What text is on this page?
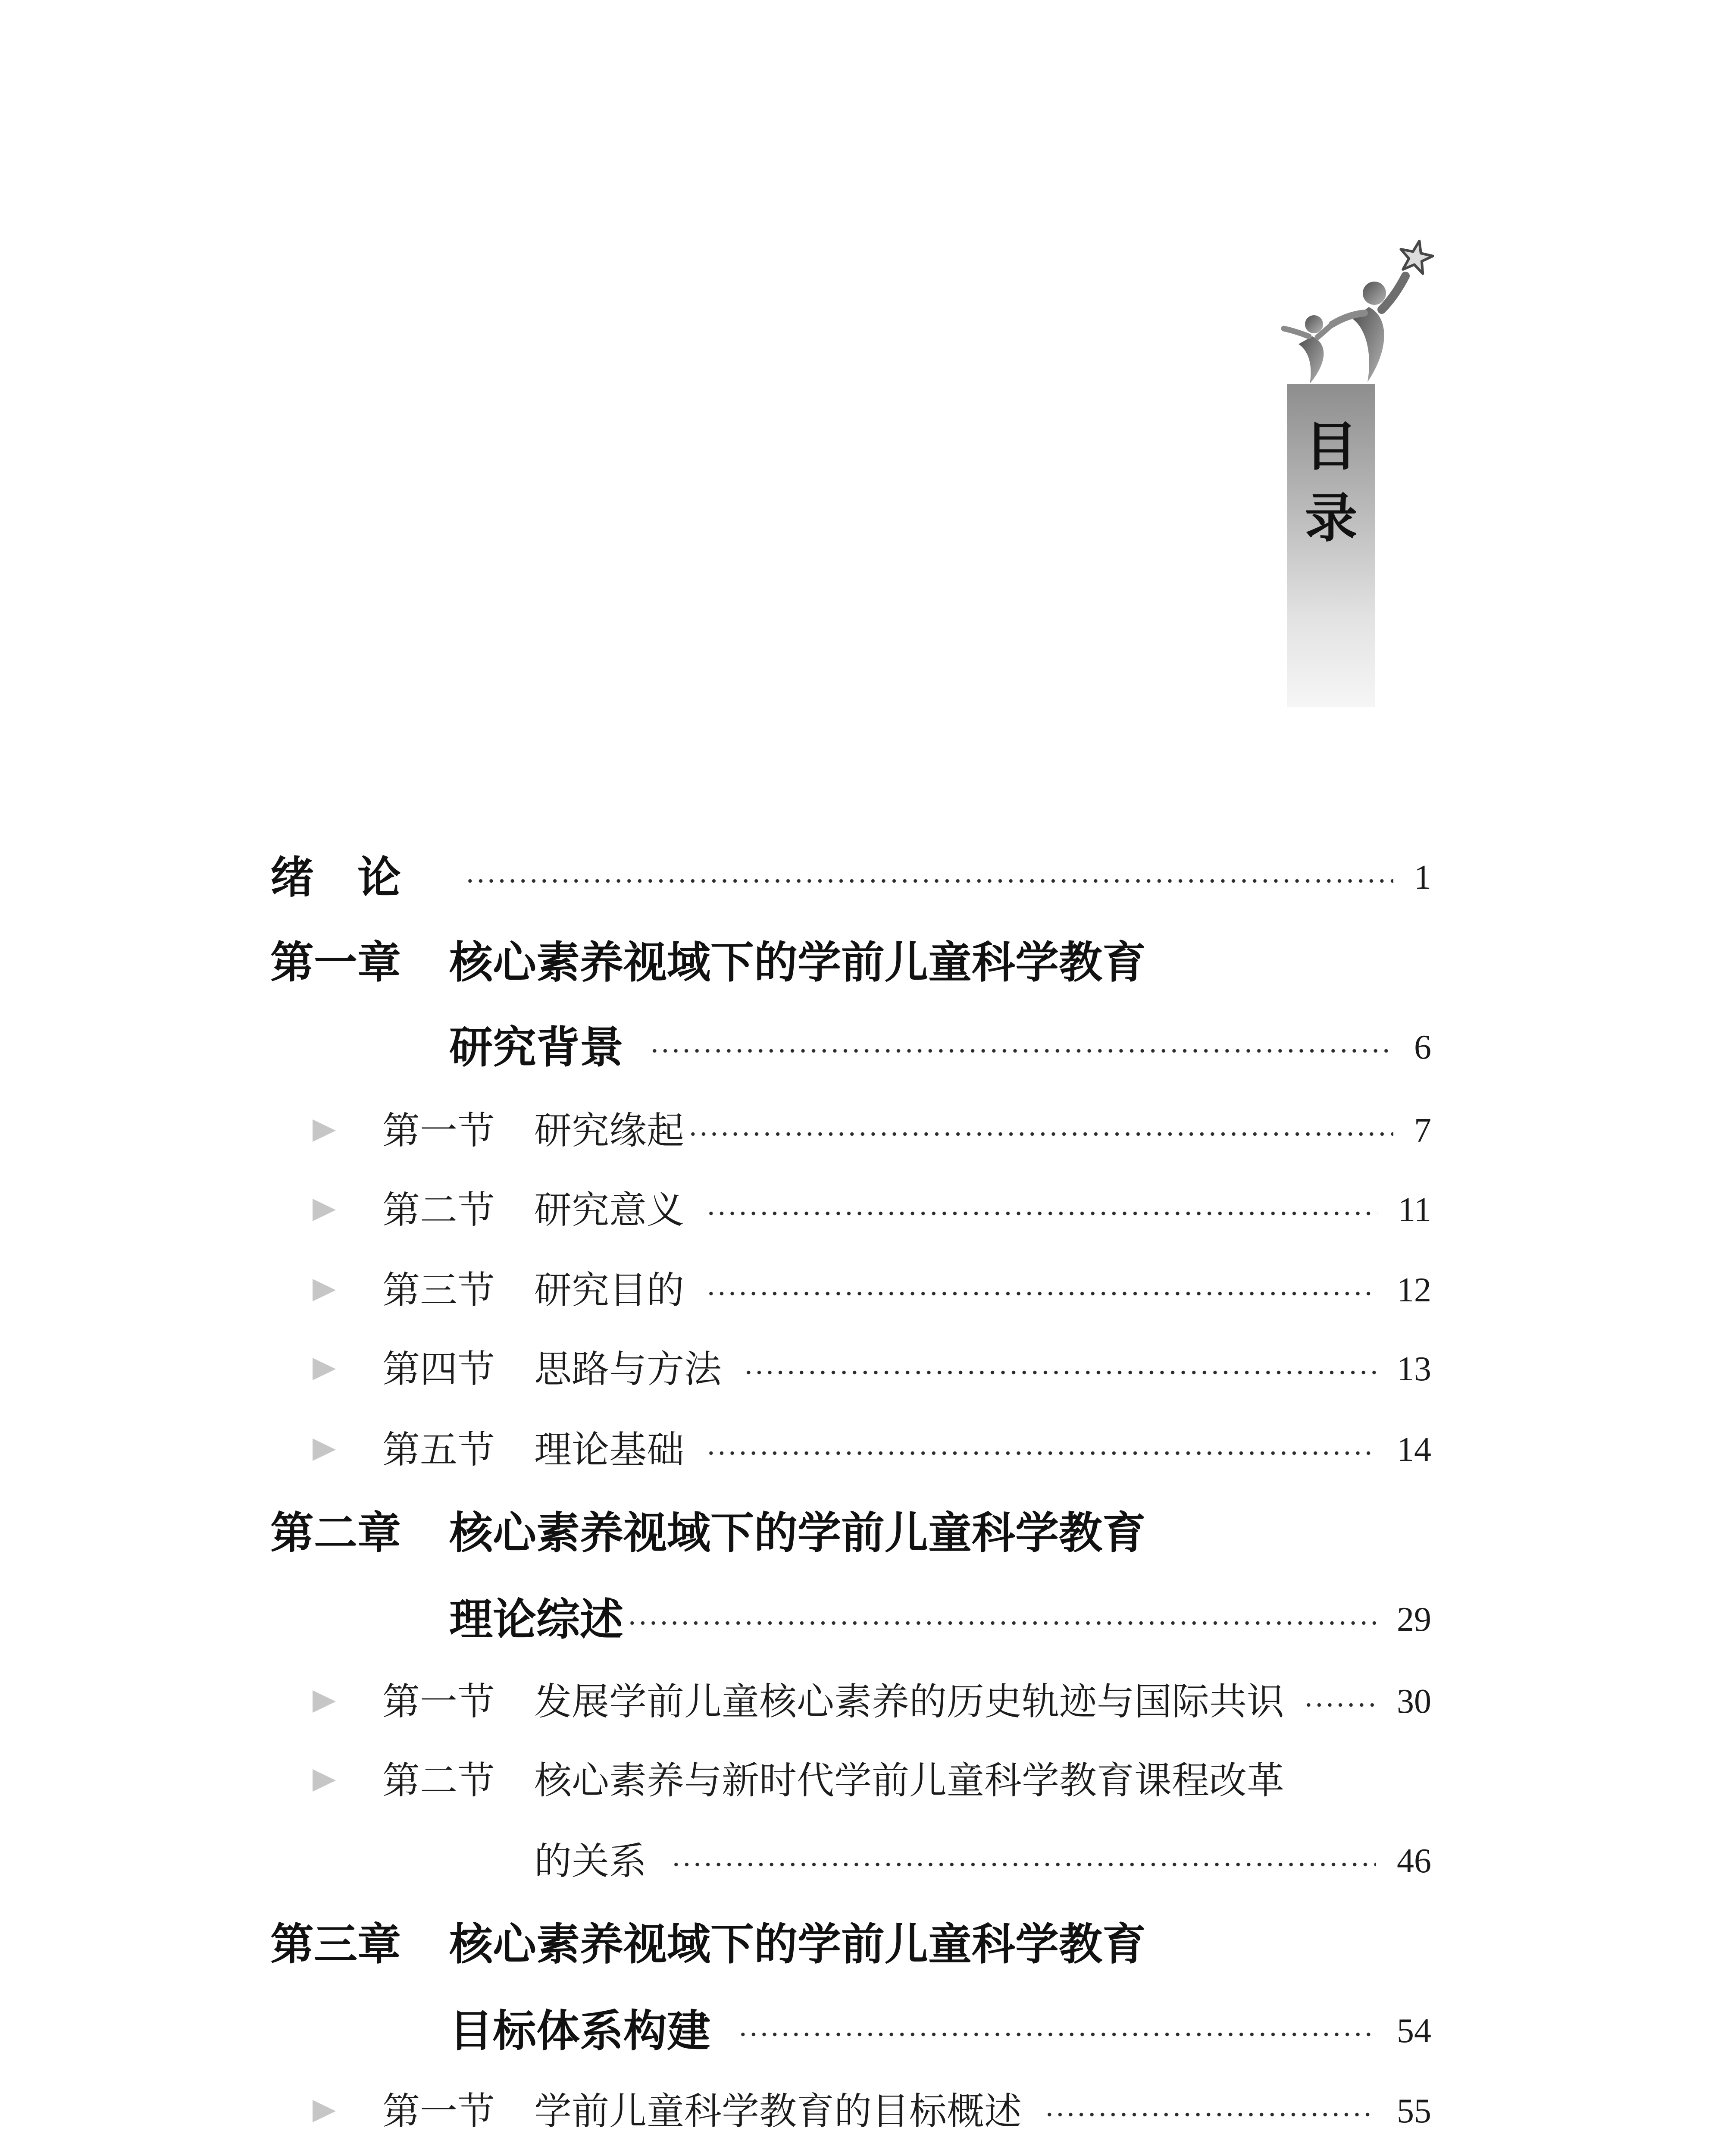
目
录
绪　论	1
第一章 核心素养视域下的学前儿童科学教育
研究背景	6
第一节 研究缘起	7
第二节 研究意义	11
第三节 研究目的	12
第四节 思路与方法	13
第五节 理论基础	14
第二章 核心素养视域下的学前儿童科学教育
理论综述	29
第一节 发展学前儿童核心素养的历史轨迹与国际共识	30
第二节 核心素养与新时代学前儿童科学教育课程改革
的关系	46
第三章 核心素养视域下的学前儿童科学教育
目标体系构建	54
第一节 学前儿童科学教育的目标概述	55
